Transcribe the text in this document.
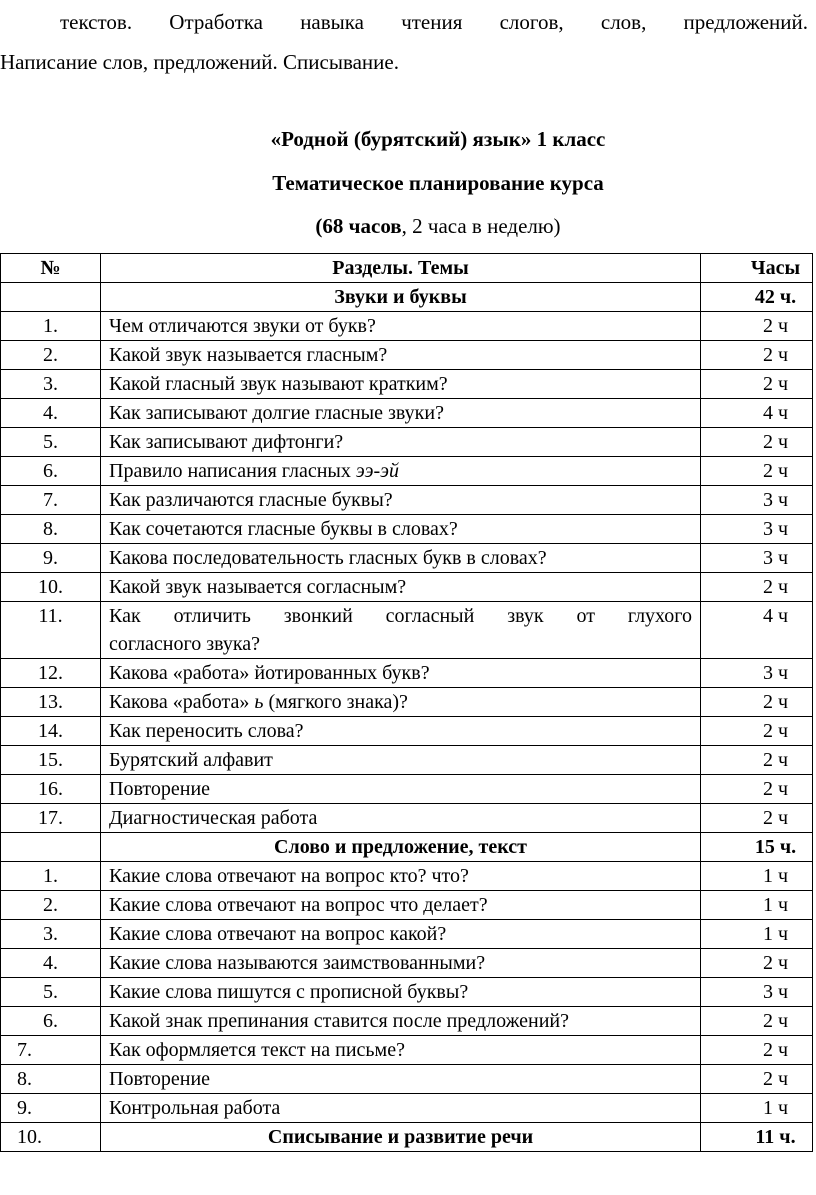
текстов. Отработка навыка чтения слогов, слов, предложений.
Написание слов, предложений. Списывание.
«Родной (бурятский) язык» 1 класс
Тематическое планирование курса
(68 часов, 2 часа в неделю)
№	Разделы. Темы	Часы
	Звуки и буквы	42 ч.
1.	Чем отличаются звуки от букв?	2 ч
2.	Какой звук называется гласным?	2 ч
3.	Какой гласный звук называют кратким?	2 ч
4.	Как записывают долгие гласные звуки?	4 ч
5.	Как записывают дифтонги?	2 ч
6.	Правило написания гласных ээ-эй	2 ч
7.	Как различаются гласные буквы?	3 ч
8.	Как сочетаются гласные буквы в словах?	3 ч
9.	Какова последовательность гласных букв в словах?	3 ч
10.	Какой звук называется согласным?	2 ч
11.	Как отличить звонкий согласный звук от глухого
согласного звука?	4 ч
12.	Какова «работа» йотированных букв?	3 ч
13.	Какова «работа» ь (мягкого знака)?	2 ч
14.	Как переносить слова?	2 ч
15.	Бурятский алфавит	2 ч
16.	Повторение	2 ч
17.	Диагностическая работа	2 ч
	Слово и предложение, текст	15 ч.
1.	Какие слова отвечают на вопрос кто? что?	1 ч
2.	Какие слова отвечают на вопрос что делает?	1 ч
3.	Какие слова отвечают на вопрос какой?	1 ч
4.	Какие слова называются заимствованными?	2 ч
5.	Какие слова пишутся с прописной буквы?	3 ч
6.	Какой знак препинания ставится после предложений?	2 ч
7.	Как оформляется текст на письме?	2 ч
8.	Повторение	2 ч
9.	Контрольная работа	1 ч
10.	Списывание и развитие речи	11 ч.
